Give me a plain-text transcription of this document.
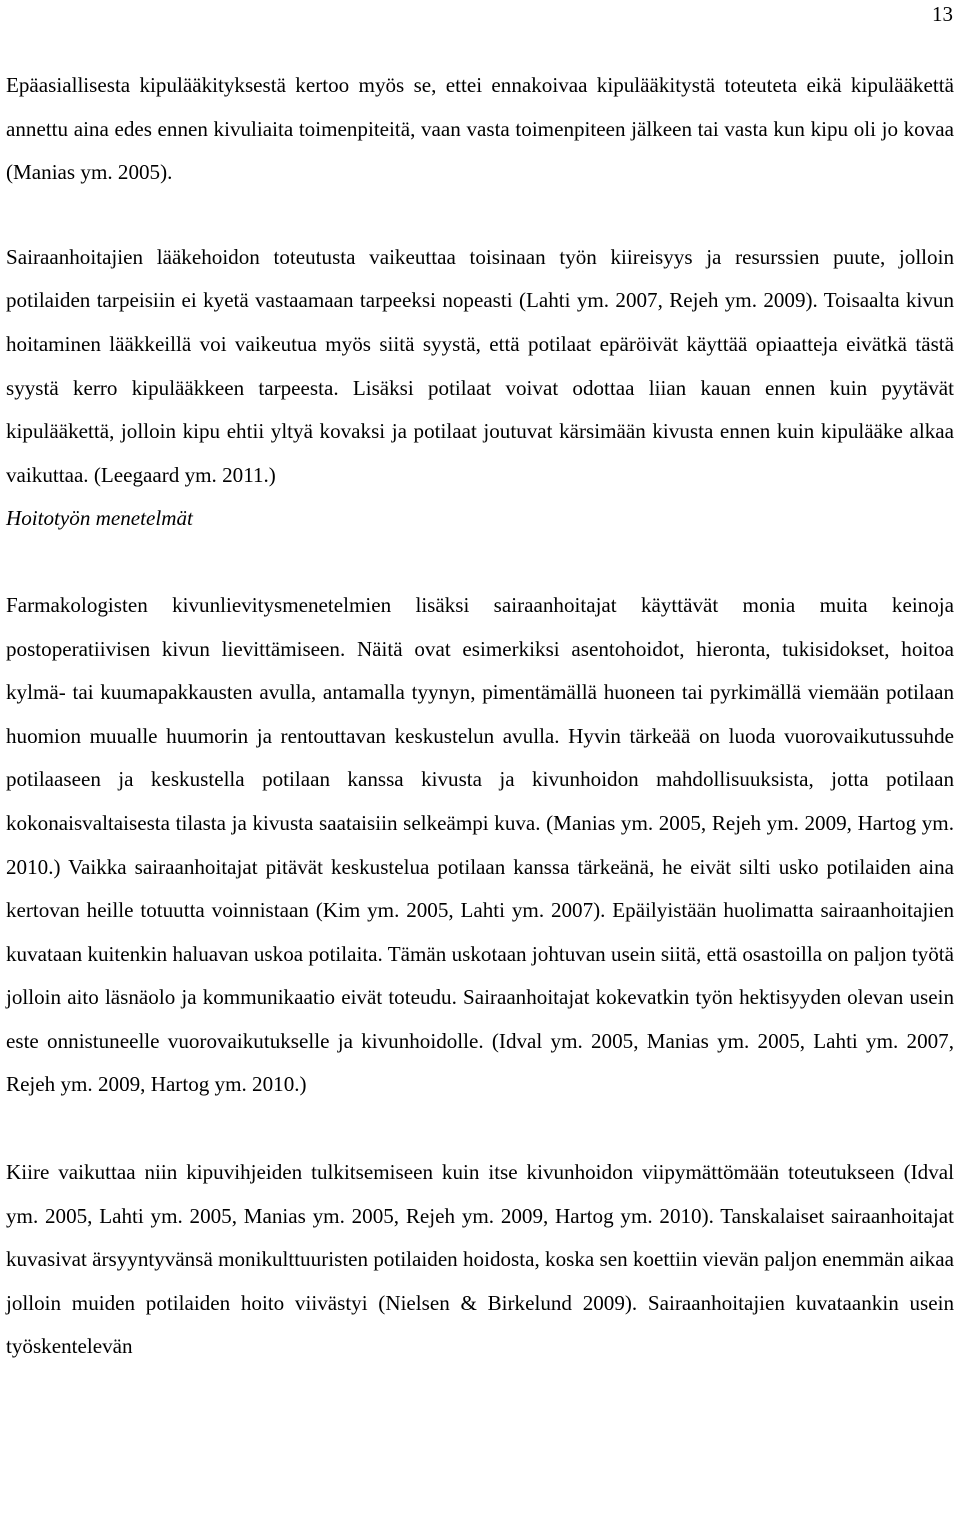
13

Epäasiallisesta kipulääkityksestä kertoo myös se, ettei ennakoivaa kipulääkitystä toteuteta eikä kipulääkettä annettu aina edes ennen kivuliaita toimenpiteitä, vaan vasta toimenpiteen jälkeen tai vasta kun kipu oli jo kovaa (Manias ym. 2005).

Sairaanhoitajien lääkehoidon toteutusta vaikeuttaa toisinaan työn kiireisyys ja resurssien puute, jolloin potilaiden tarpeisiin ei kyetä vastaamaan tarpeeksi nopeasti (Lahti ym. 2007, Rejeh ym. 2009). Toisaalta kivun hoitaminen lääkkeillä voi vaikeutua myös siitä syystä, että potilaat epäröivät käyttää opiaatteja eivätkä tästä syystä kerro kipulääkkeen tarpeesta. Lisäksi potilaat voivat odottaa liian kauan ennen kuin pyytävät kipulääkettä, jolloin kipu ehtii yltyä kovaksi ja potilaat joutuvat kärsimään kivusta ennen kuin kipulääke alkaa vaikuttaa. (Leegaard ym. 2011.)

Hoitotyön menetelmät

Farmakologisten kivunlievitysmenetelmien lisäksi sairaanhoitajat käyttävät monia muita keinoja postoperatiivisen kivun lievittämiseen. Näitä ovat esimerkiksi asentohoidot, hieronta, tukisidokset, hoitoa kylmä- tai kuumapakkausten avulla, antamalla tyynyn, pimentämällä huoneen tai pyrkimällä viemään potilaan huomion muualle huumorin ja rentouttavan keskustelun avulla. Hyvin tärkeää on luoda vuorovaikutussuhde potilaaseen ja keskustella potilaan kanssa kivusta ja kivunhoidon mahdollisuuksista, jotta potilaan kokonaisvaltaisesta tilasta ja kivusta saataisiin selkeämpi kuva. (Manias ym. 2005, Rejeh ym. 2009, Hartog ym. 2010.) Vaikka sairaanhoitajat pitävät keskustelua potilaan kanssa tärkeänä, he eivät silti usko potilaiden aina kertovan heille totuutta voinnistaan (Kim ym. 2005, Lahti ym. 2007). Epäilyistään huolimatta sairaanhoitajien kuvataan kuitenkin haluavan uskoa potilaita. Tämän uskotaan johtuvan usein siitä, että osastoilla on paljon työtä jolloin aito läsnäolo ja kommunikaatio eivät toteudu. Sairaanhoitajat kokevatkin työn hektisyyden olevan usein este onnistuneelle vuorovaikutukselle ja kivunhoidolle. (Idval ym. 2005, Manias ym. 2005, Lahti ym. 2007, Rejeh ym. 2009, Hartog ym. 2010.)

Kiire vaikuttaa niin kipuvihjeiden tulkitsemiseen kuin itse kivunhoidon viipymättömään toteutukseen (Idval ym. 2005, Lahti ym. 2005, Manias ym. 2005, Rejeh ym. 2009, Hartog ym. 2010). Tanskalaiset sairaanhoitajat kuvasivat ärsyyntyvänsä monikulttuuristen potilaiden hoidosta, koska sen koettiin vievän paljon enemmän aikaa jolloin muiden potilaiden hoito viivästyi (Nielsen & Birkelund 2009). Sairaanhoitajien kuvataankin usein työskentelevän
